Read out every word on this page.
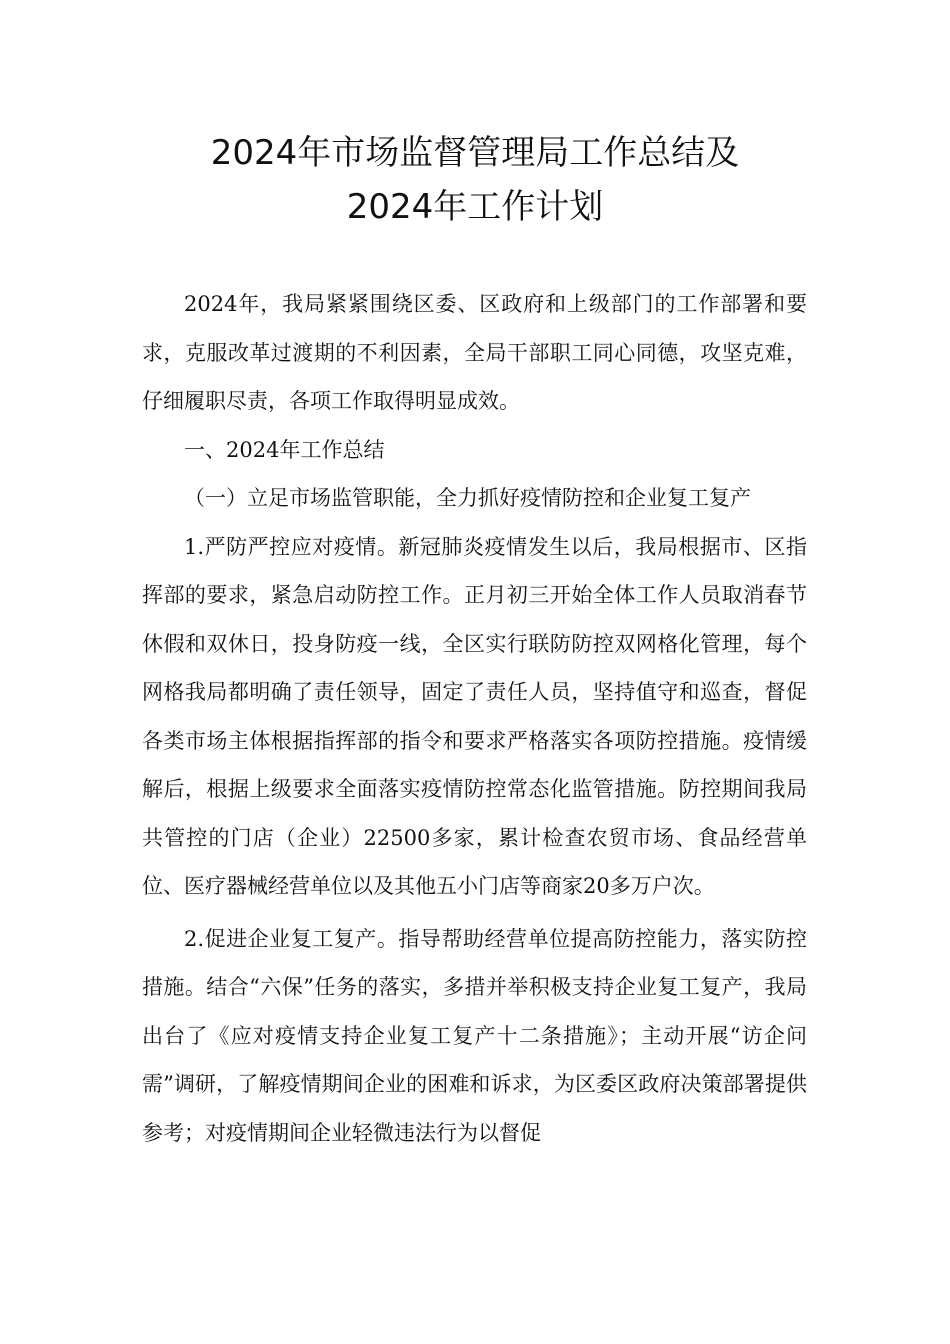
2024年市场监督管理局工作总结及
2024年工作计划

2024年，我局紧紧围绕区委、区政府和上级部门的工作部署和要求，克服改革过渡期的不利因素，全局干部职工同心同德，攻坚克难，仔细履职尽责，各项工作取得明显成效。

一、2024年工作总结

（一）立足市场监管职能，全力抓好疫情防控和企业复工复产

1.严防严控应对疫情。新冠肺炎疫情发生以后，我局根据市、区指挥部的要求，紧急启动防控工作。正月初三开始全体工作人员取消春节休假和双休日，投身防疫一线，全区实行联防防控双网格化管理，每个网格我局都明确了责任领导，固定了责任人员，坚持值守和巡查，督促各类市场主体根据指挥部的指令和要求严格落实各项防控措施。疫情缓解后，根据上级要求全面落实疫情防控常态化监管措施。防控期间我局共管控的门店（企业）22500多家，累计检查农贸市场、食品经营单位、医疗器械经营单位以及其他五小门店等商家20多万户次。

2.促进企业复工复产。指导帮助经营单位提高防控能力，落实防控措施。结合“六保”任务的落实，多措并举积极支持企业复工复产，我局出台了《应对疫情支持企业复工复产十二条措施》；主动开展“访企问需”调研，了解疫情期间企业的困难和诉求，为区委区政府决策部署提供参考；对疫情期间企业轻微违法行为以督促
